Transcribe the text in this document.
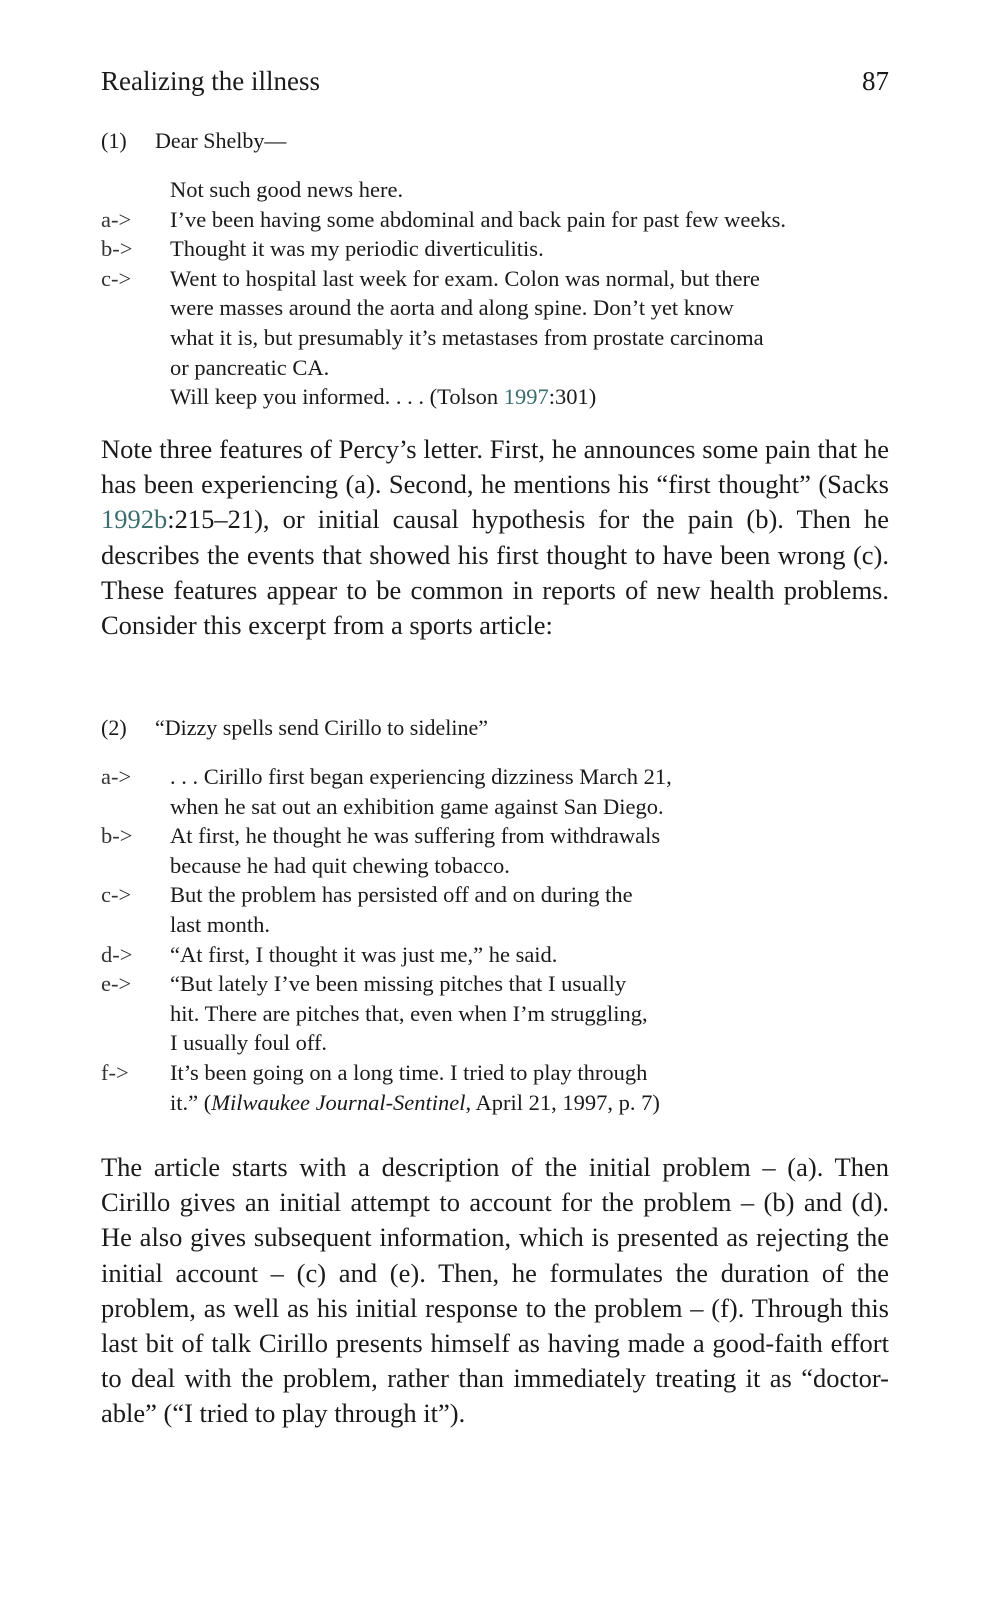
Realizing the illness	87
(1) Dear Shelby—
Not such good news here.
a-> I’ve been having some abdominal and back pain for past few weeks.
b-> Thought it was my periodic diverticulitis.
c-> Went to hospital last week for exam. Colon was normal, but there
were masses around the aorta and along spine. Don’t yet know
what it is, but presumably it’s metastases from prostate carcinoma
or pancreatic CA.
Will keep you informed. . . . (Tolson 1997:301)
Note three features of Percy’s letter. First, he announces some pain that he has been experiencing (a). Second, he mentions his “first thought” (Sacks 1992b:215–21), or initial causal hypothesis for the pain (b). Then he describes the events that showed his first thought to have been wrong (c). These features appear to be common in reports of new health problems. Consider this excerpt from a sports article:
(2) “Dizzy spells send Cirillo to sideline”
a-> . . . Cirillo first began experiencing dizziness March 21,
when he sat out an exhibition game against San Diego.
b-> At first, he thought he was suffering from withdrawals
because he had quit chewing tobacco.
c-> But the problem has persisted off and on during the
last month.
d-> “At first, I thought it was just me,” he said.
e-> “But lately I’ve been missing pitches that I usually
hit. There are pitches that, even when I’m struggling,
I usually foul off.
f-> It’s been going on a long time. I tried to play through
it.” (Milwaukee Journal-Sentinel, April 21, 1997, p. 7)
The article starts with a description of the initial problem – (a). Then Cirillo gives an initial attempt to account for the problem – (b) and (d). He also gives subsequent information, which is presented as rejecting the initial account – (c) and (e). Then, he formulates the duration of the problem, as well as his initial response to the problem – (f). Through this last bit of talk Cirillo presents himself as having made a good-faith effort to deal with the problem, rather than immediately treating it as “doctor-able” (“I tried to play through it”).
